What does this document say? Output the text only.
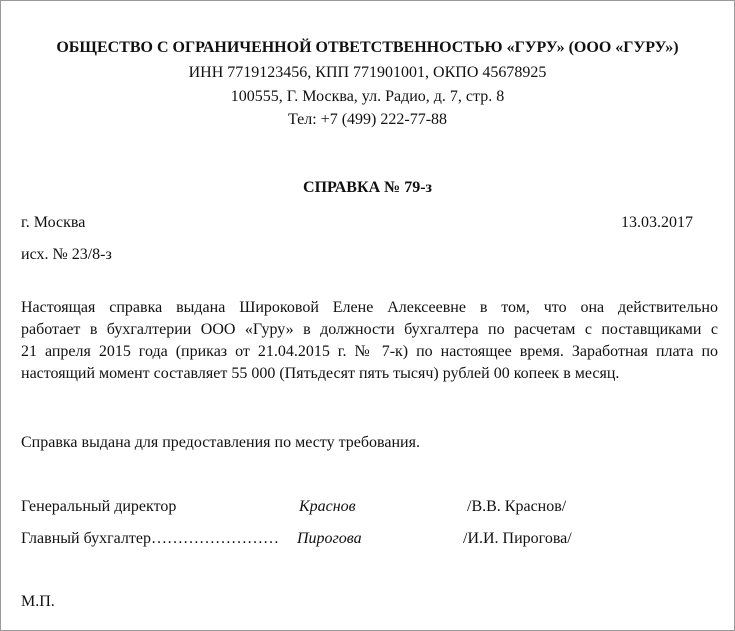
ОБЩЕСТВО С ОГРАНИЧЕННОЙ ОТВЕТСТВЕННОСТЬЮ «ГУРУ» (ООО «ГУРУ»)
ИНН 7719123456, КПП 771901001, ОКПО 45678925
100555, Г. Москва, ул. Радио, д. 7, стр. 8
Тел: +7 (499) 222-77-88
СПРАВКА № 79-з
г. Москва	13.03.2017
исх. № 23/8-з
Настоящая справка выдана Широковой Елене Алексеевне в том, что она действительно
работает в бухгалтерии ООО «Гуру» в должности бухгалтера по расчетам с поставщиками с
21 апреля 2015 года (приказ от 21.04.2015 г. № 7-к) по настоящее время. Заработная плата по
настоящий момент составляет 55 000 (Пятьдесят пять тысяч) рублей 00 копеек в месяц.
Справка выдана для предоставления по месту требования.
Генеральный директор	Краснов	/В.В. Краснов/
Главный бухгалтер…………………… Пирогова	/И.И. Пирогова/
М.П.
